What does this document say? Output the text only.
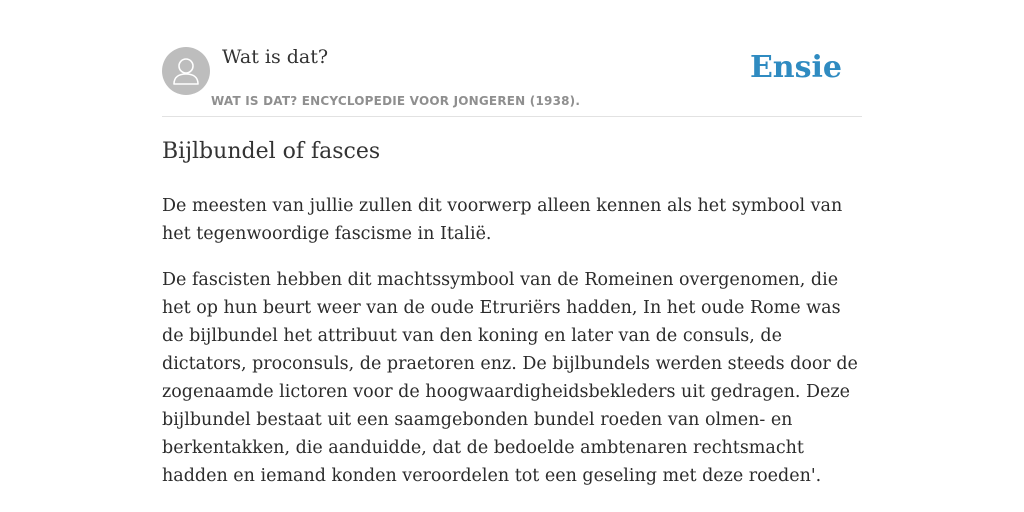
Wat is dat?
WAT IS DAT? ENCYCLOPEDIE VOOR JONGEREN (1938).
Ensie
Bijlbundel of fasces

De meesten van jullie zullen dit voorwerp alleen kennen als het symbool van het tegenwoordige fascisme in Italië.

De fascisten hebben dit machtssymbool van de Romeinen overgenomen, die het op hun beurt weer van de oude Etruriërs hadden, In het oude Rome was de bijlbundel het attribuut van den koning en later van de consuls, de dictators, proconsuls, de praetoren enz. De bijlbundels werden steeds door de zogenaamde lictoren voor de hoogwaardigheidsbekleders uit gedragen. Deze bijlbundel bestaat uit een saamgebonden bundel roeden van olmen- en berkentakken, die aanduidde, dat de bedoelde ambtenaren rechtsmacht hadden en iemand konden veroordelen tot een geseling met deze roeden'.
